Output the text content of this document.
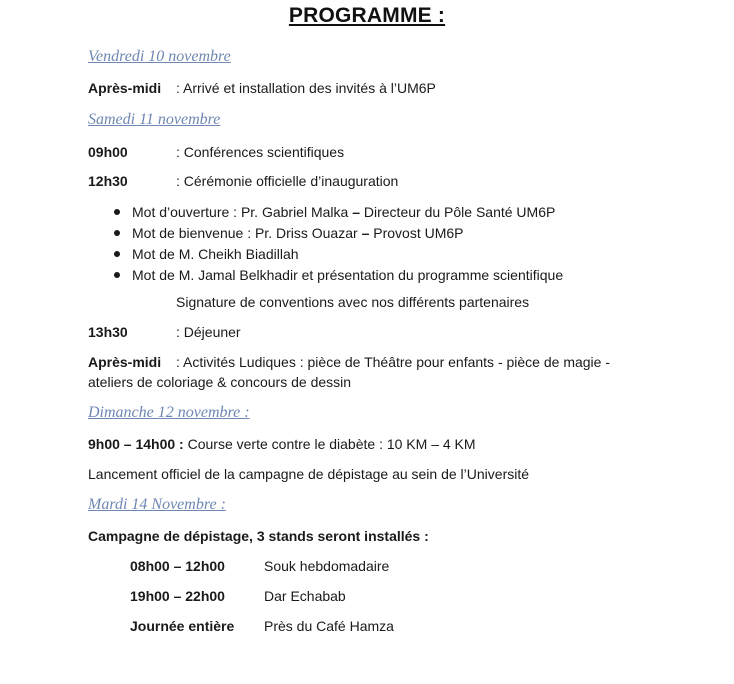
PROGRAMME :
Vendredi 10 novembre
Après-midi : Arrivé et installation des invités à l’UM6P
Samedi 11 novembre
09h00	: Conférences scientifiques
12h30	: Cérémonie officielle d’inauguration
Mot d’ouverture : Pr. Gabriel Malka – Directeur du Pôle Santé UM6P
Mot de bienvenue : Pr. Driss Ouazar – Provost UM6P
Mot de M. Cheikh Biadillah
Mot de M. Jamal Belkhadir et présentation du programme scientifique
Signature de conventions avec nos différents partenaires
13h30	: Déjeuner
Après-midi : Activités Ludiques : pièce de Théâtre pour enfants - pièce de magie -
ateliers de coloriage & concours de dessin
Dimanche 12 novembre :
9h00 – 14h00 : Course verte contre le diabète : 10 KM – 4 KM
Lancement officiel de la campagne de dépistage au sein de l’Université
Mardi 14 Novembre :
Campagne de dépistage, 3 stands seront installés :
08h00 – 12h00	Souk hebdomadaire
19h00 – 22h00	Dar Echabab
Journée entière Près du Café Hamza
